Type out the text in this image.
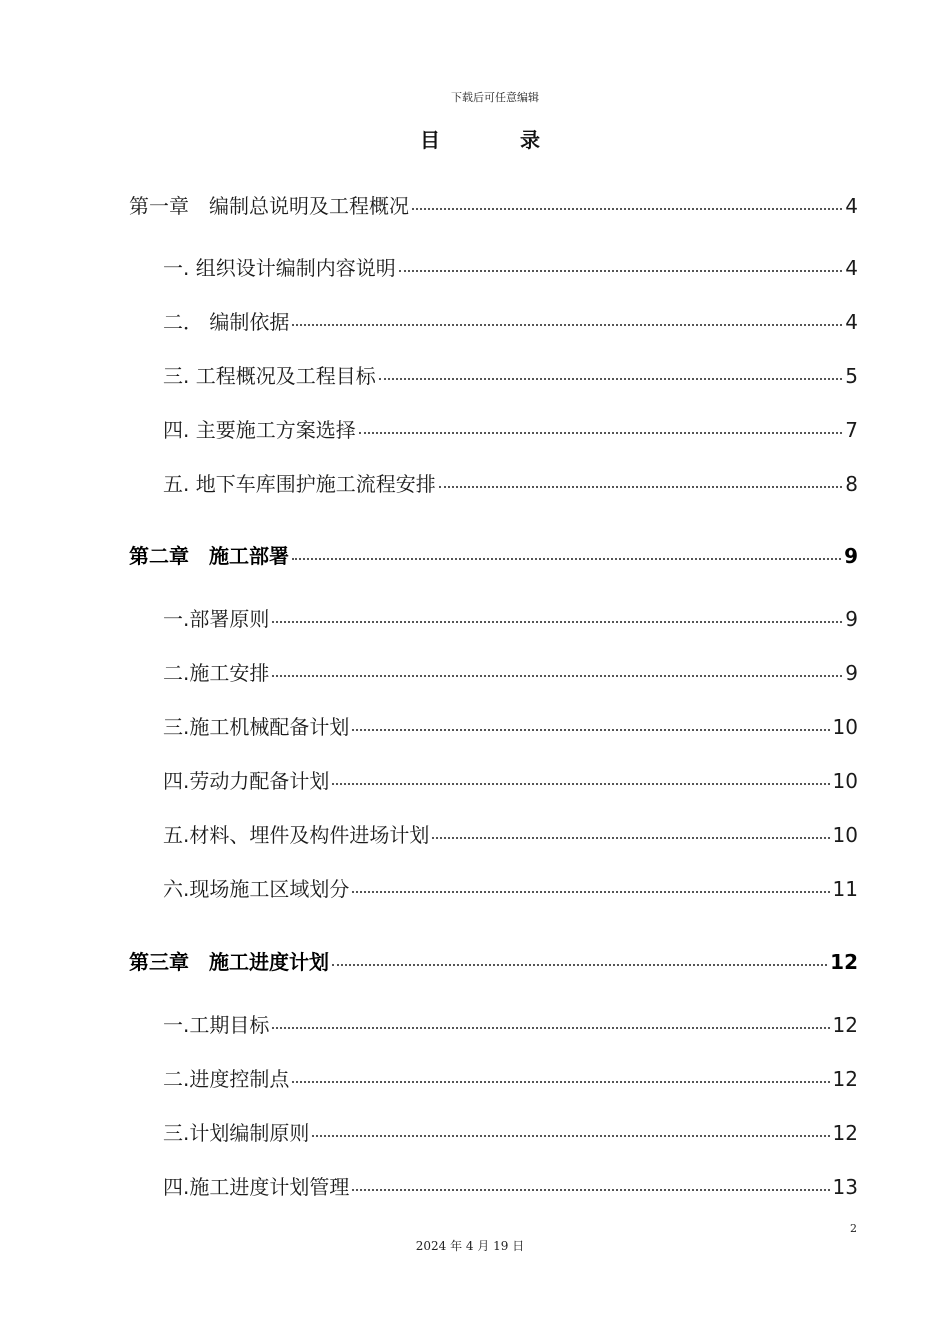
下载后可任意编辑
目　录
第一章　编制总说明及工程概况	4
一. 组织设计编制内容说明	4
二． 编制依据	4
三. 工程概况及工程目标	5
四. 主要施工方案选择	7
五. 地下车库围护施工流程安排	8
第二章　施工部署	9
一.部署原则	9
二.施工安排	9
三.施工机械配备计划	10
四.劳动力配备计划	10
五.材料、埋件及构件进场计划	10
六.现场施工区域划分	11
第三章　施工进度计划	12
一.工期目标	12
二.进度控制点	12
三.计划编制原则	12
四.施工进度计划管理	13
2
2024 年 4 月 19 日
